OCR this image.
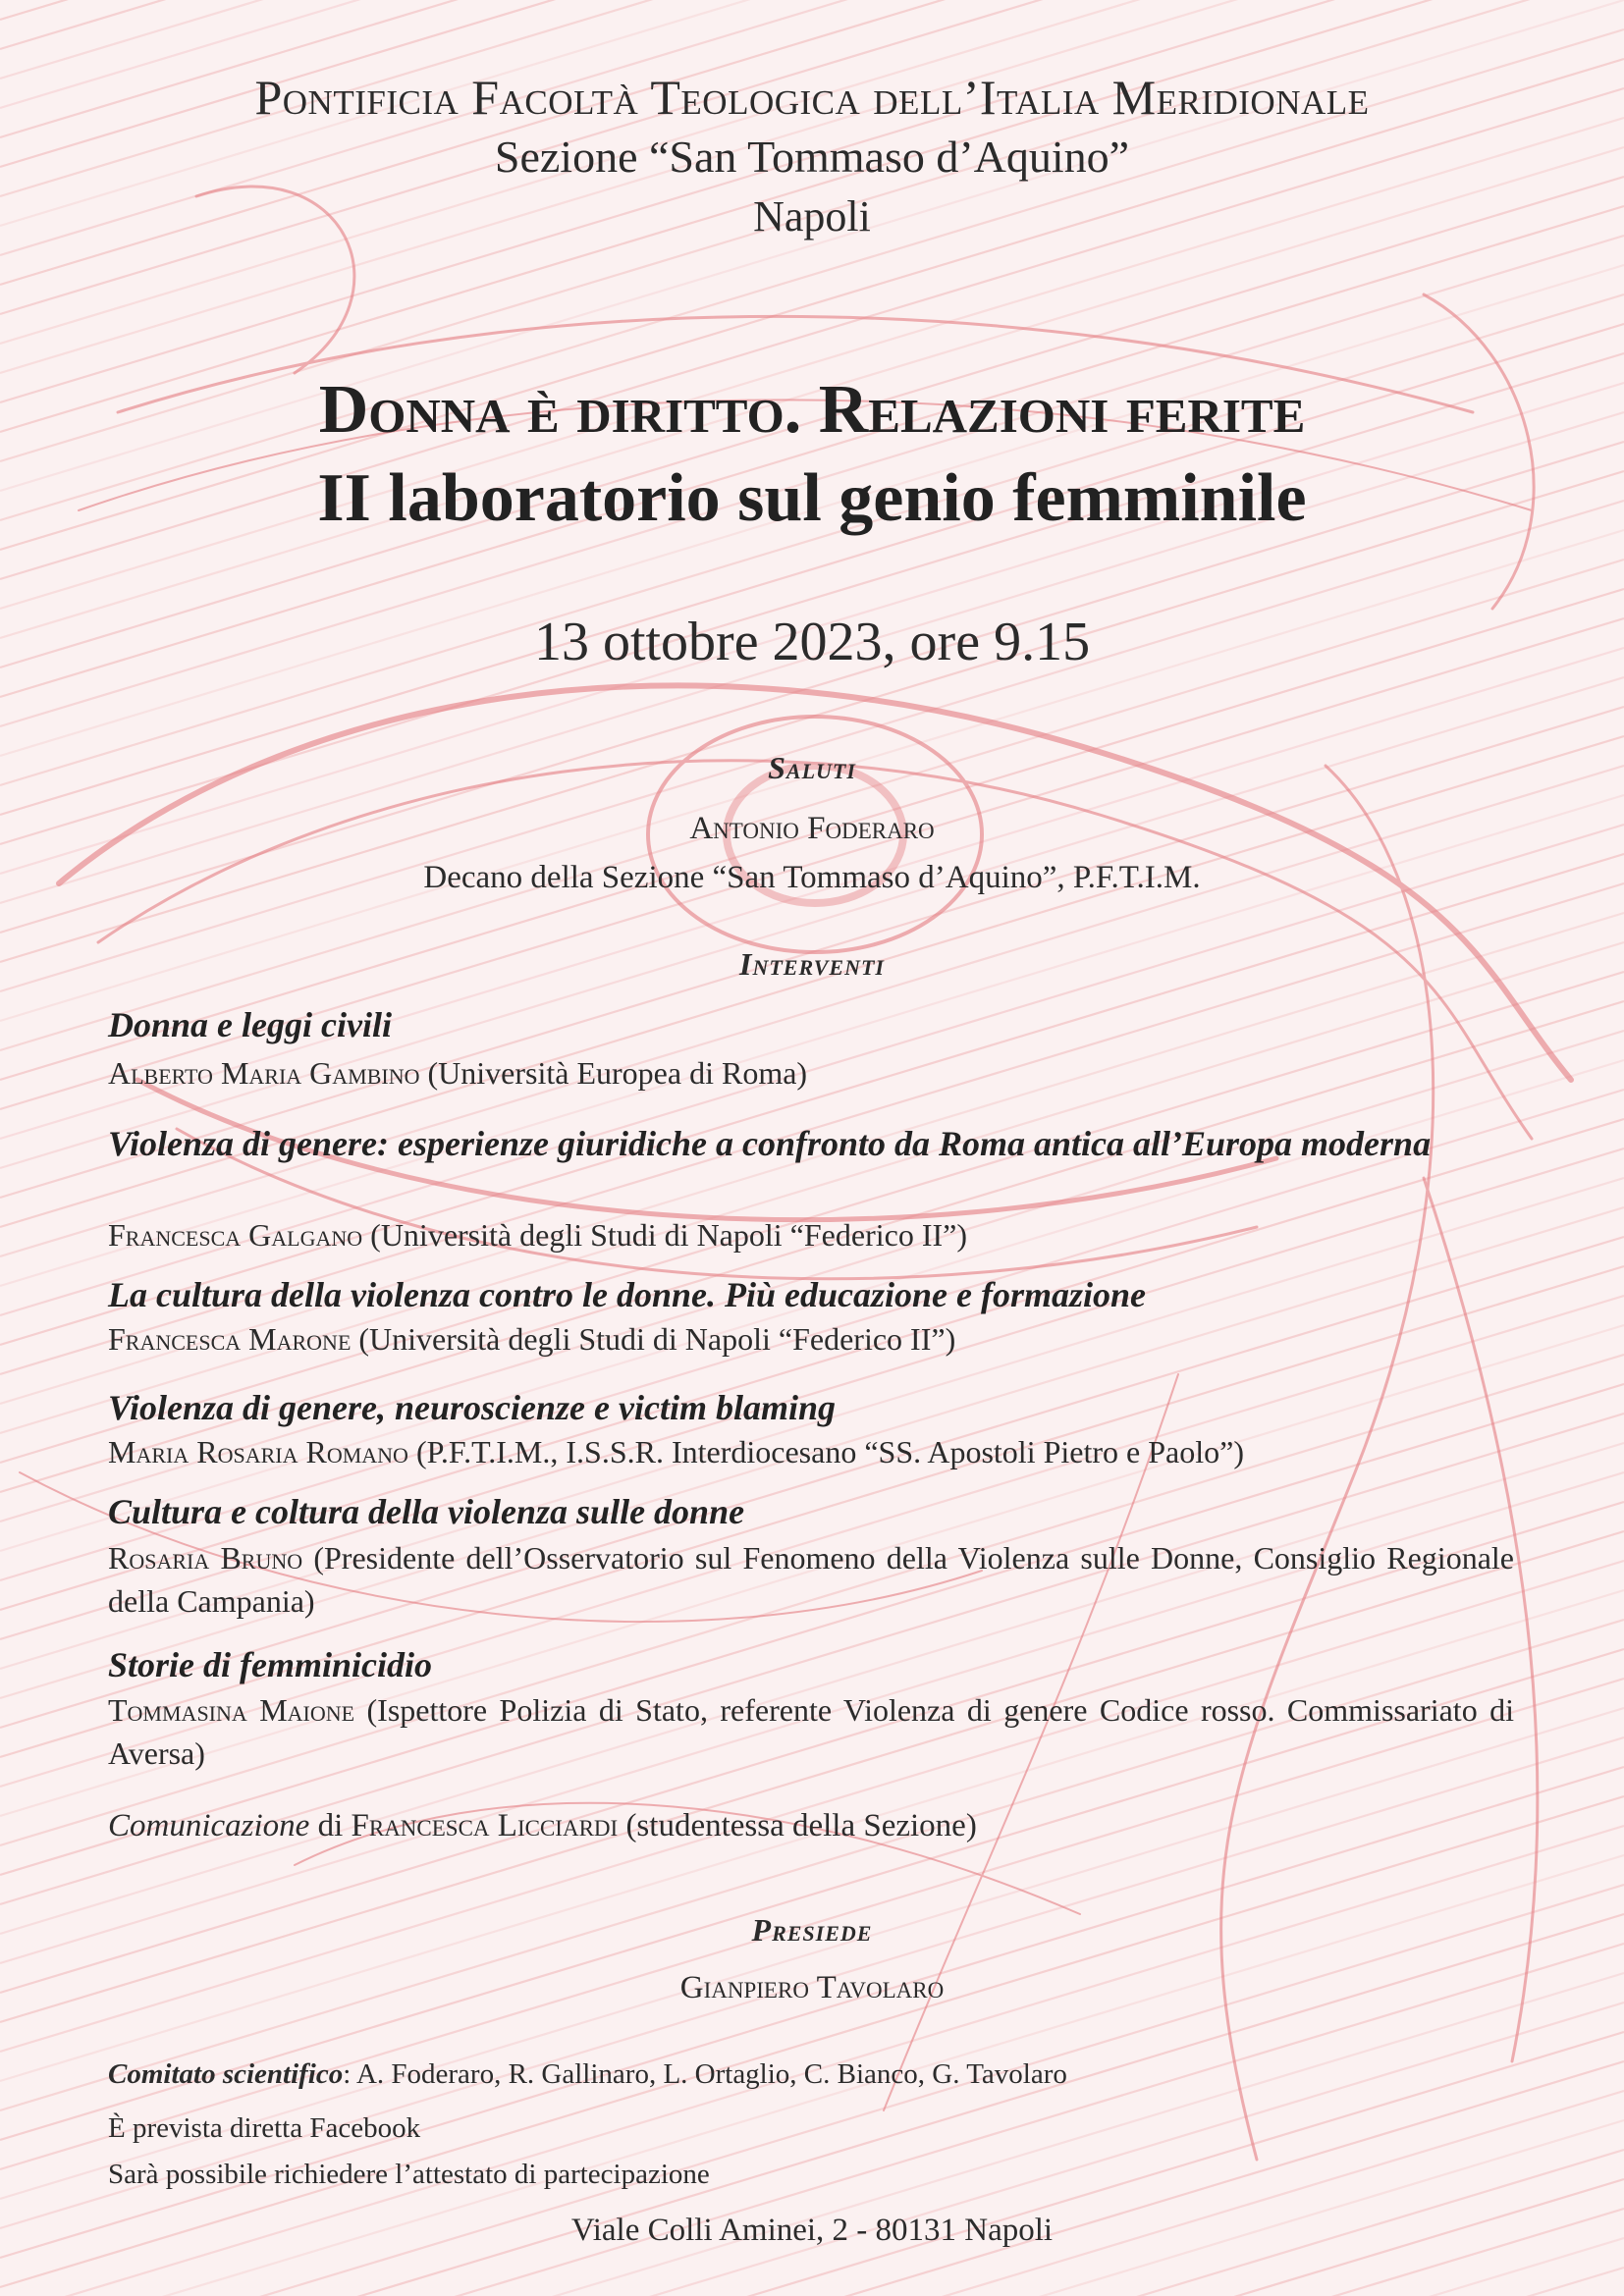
Pontificia Facoltà Teologica dell’Italia Meridionale
Sezione “San Tommaso d’Aquino”
Napoli
Donna è diritto. Relazioni ferite
II laboratorio sul genio femminile
13 ottobre 2023, ore 9.15
Saluti
Antonio Foderaro
Decano della Sezione “San Tommaso d’Aquino”, P.F.T.I.M.
Interventi
Donna e leggi civili
Alberto Maria Gambino (Università Europea di Roma)
Violenza di genere: esperienze giuridiche a confronto da Roma antica all’Europa moderna
Francesca Galgano (Università degli Studi di Napoli “Federico II”)
La cultura della violenza contro le donne. Più educazione e formazione
Francesca Marone (Università degli Studi di Napoli “Federico II”)
Violenza di genere, neuroscienze e victim blaming
Maria Rosaria Romano (P.F.T.I.M., I.S.S.R. Interdiocesano “SS. Apostoli Pietro e Paolo”)
Cultura e coltura della violenza sulle donne
Rosaria Bruno (Presidente dell’Osservatorio sul Fenomeno della Violenza sulle Donne, Consiglio Regionale della Campania)
Storie di femminicidio
Tommasina Maione (Ispettore Polizia di Stato, referente Violenza di genere Codice rosso. Commissariato di Aversa)
Comunicazione di Francesca Licciardi (studentessa della Sezione)
Presiede
Gianpiero Tavolaro
Comitato scientifico: A. Foderaro, R. Gallinaro, L. Ortaglio, C. Bianco, G. Tavolaro
È prevista diretta Facebook
Sarà possibile richiedere l’attestato di partecipazione
Viale Colli Aminei, 2 - 80131 Napoli
